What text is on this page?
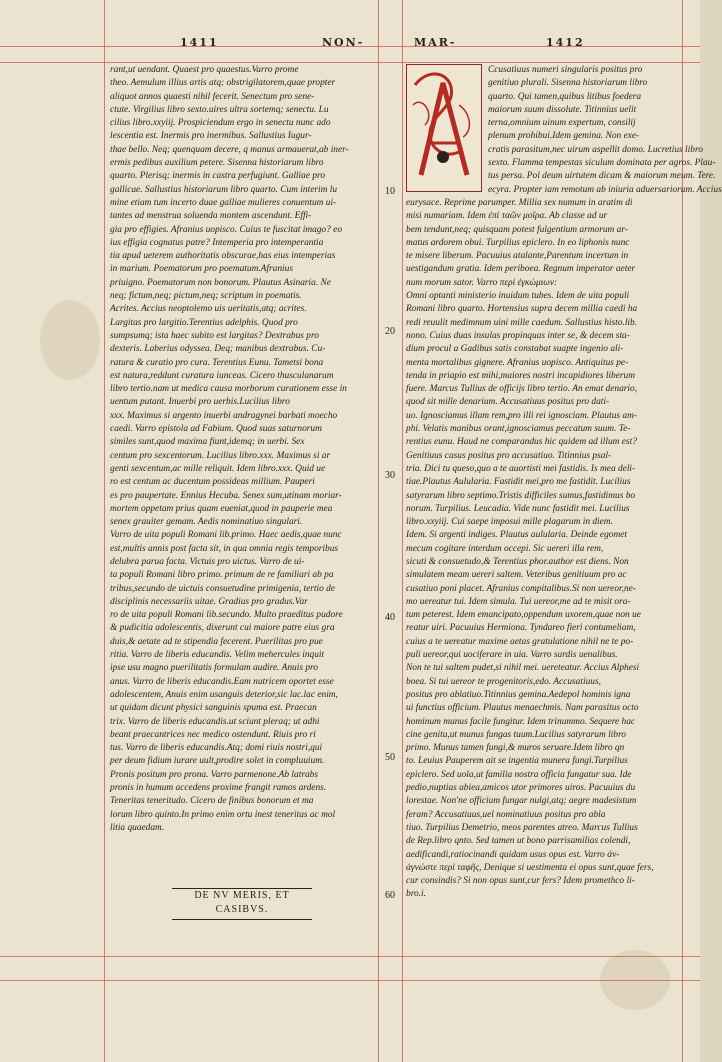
1411	NON-	MAR-	1412
10
20
30
40
50
60
rant,ut uendant. Quaest pro quaestus.Varro prome
theo. Aemulum illius artis atq; obstrigilatorem,quae propter
aliquot annos quaesti nihil fecerit. Senectum pro sene-
ctute. Virgilius libro sexto.uires ultra sortemq; senectu. Lu
cilius libro.xxyiij. Prospiciendum ergo in senectu nunc ado
lescentia est. Inermis pro inermibus. Sallustius Iugur-
thae bello. Neq; quenquam decere, q manus armauerat,ab iner-
ermis pedibus auxilium petere. Sisenna historiarum libro
quarto. Plerisq; inermis in castra perfugiunt. Galliae pro
gallicae. Sallustius historiarum libro quarto. Cum interim lu
mine etiam tum incerto duae galliae mulieres conuentum ui-
tantes ad menstrua soluenda montem ascendunt. Effi-
gia pro effigies. Afranius uopisco. Cuius te fuscitat imago? eo
ius effigia cognatus patre? Intemperia pro intemperantia
tia apud ueterem authoritatis obscurae,has eius intemperias
in marium. Poematorum pro poematum.Afranius
priuigno. Poematorum non bonorum. Plautus Asinaria. Ne
neq; fictum,neq; pictum,neq; scriptum in poematis.
Acrites. Accius neoptolemo uis ueritatis,atq; acrites.
Largitas pro largitio.Terentius adelphis. Quod pro
sumpsumq; ista haec subito est largitas? Dextrabus pro
dexteris. Laberius odyssea. Deq; manibus dextrabus. Cu-
ratura & curatio pro cura. Terentius Eunu. Tametsi bona
est natura,reddunt curatura iunceas. Cicero thusculanarum
libro tertio.nam ut medica causa morborum curationem esse in
uentum putant. Inuerbi pro uerbis.Lucilius libro
xxx. Maximus si argento inuerbi andragynei barbati moecho
caedi. Varro epistola ad Fabium. Quod suas saturnorum
similes sunt,quod maxima fiunt,idemq; in uerbi. Sex
centum pro sexcentorum. Lucilius libro.xxx. Maximus si ar
genti sexcentum,ac mille reliquit. Idem libro.xxx. Quid ue
ro est centum ac ducentum possideas millium. Pauperi
es pro paupertate. Ennius Hecuba. Senex sum,utinam moriar-
mortem oppetam prius quam eueniat,quod in pauperie mea
senex grauiter gemam. Aedis nominatiuo singulari.
Varro de uita populi Romani lib.primo. Haec aedis,quae nunc
est,multis annis post facta sit, in qua omnia regis temporibus
delubra parua facta. Victuis pro uictus. Varro de ui-
ta populi Romani libro primo. primum de re familiari ab pa
tribus,secundo de uictuis consuetudine primigenia, tertio de
disciplinis necessariis uitae. Gradius pro gradus.Var
ro de uita populi Romani lib.secundo. Multo praeditus pudore
& pudicitia adolescentis, dixerunt cui maiore patre eius gra
duis,& aetate ad te stipendia fecerent. Puerilitas pro pue
ritia. Varro de liberis educandis. Velim mehercules inquit
ipse usu magno puerilitatis formulam audire. Anuis pro
anus. Varro de liberis educandis.Eam nutricem oportet esse
adolescentem, Anuis enim usanguis deterior,sic lac.lac enim,
ut quidam dicunt physici sanguinis spuma est. Praecan
trix. Varro de liberis educandis.ut sciunt pleraq; ut adhi
beant praecantrices nec medico ostendunt. Riuis pro ri
tus. Varro de liberis educandis.Atq; domi riuis nostri,qui
per deum fidium iurare uult,prodire solet in compluuium.
Pronis positum pro prona. Varro parmenone.Ab latrabs
pronis in humum accedens proxime frangit ramos ardens.
Teneritas teneritudo. Cicero de finibus bonorum et ma
lorum libro quinto.In primo enim ortu inest teneritas ac mol
litia quaedam.
Ccusatiuus numeri singularis positus pro
genitiuo plurali. Sisenna historiarum libro
quarto. Qui tamen,quibus litibus foedera
maiorum suum dissolute. Titinnius uelit
terna,omnium uinum expertum, consilij
plenum prohibui.Idem gemina. Non exe-
cratis parasitum,nec uirum aspellit domo. Lucretius libro
sexto. Flamma tempestas siculum dominata per agros. Plau-
tus persa. Pol deum uirtutem dicam & maiorum meum. Tere.
ecyra. Propter iam remotum ab iniuria aduersariorum. Accius
eurysace. Reprime parumper. Millia sex numum in aratim di
misi numariam. Idem ἐπὶ ταῶν μοῖρα. Ab classe ad ur
bem tendunt,neq; quisquam potest fulgentium armorum ar-
matus ardorem obui. Turpilius epiclero. In eo liphonis nunc
te misere liberum. Pacuuius atalante,Parentum incertum in
uestigandum gratia. Idem periboea. Regnum imperator aeter
num morum sator. Varro περὶ ἐγκώμιων:
Omni optanti ministerio inuidum tubes. Idem de uita populi
Romani libro quarto. Hortensius supra decem millia caedi ha
redi reuulit medimnum uini mille caedum. Sallustius histo.lib.
nono. Cuius duas insulas propinquas inter se, & decem sta-
dium procul a Gadibus satis constabat suapte ingenio ali-
menta mortalibus gignere. Afranius uopisco. Antiquitus pe-
tenda in priapio est mihi,maiores nostri incapidiores liberum
fuere. Marcus Tullius de officijs libro tertio. An emat denario,
quod sit mille denarium. Accusatiuus positus pro dati-
uo. Ignosciamus illam rem,pro illi rei ignosciam. Plautus am-
phi. Velatis manibus orant,ignosciamus peccatum suum. Te-
rentius eunu. Haud ne comparandus hic quidem ad illum est?
Genitiuus casus positus pro accusatiuo. Titinnius psal-
tria. Dici tu queso,quo a te auortisti mei fastidis. Is mea deli-
tiae.Plautus Aulularia. Fastidit mei,pro me fastidit. Lucilius
satyrarum libro septimo.Tristis difficiles sumus,fastidimus bo
norum. Turpilius. Leucadia. Vide nunc fastidit mei. Lucilius
libro.xxyiij. Cui saepe imposui mille plagarum in diem.
Idem. Si argenti indiges. Plautus aulularia. Deinde egomet
mecum cogitare interdum occepi. Sic uereri illa rem,
sicuti & consuetudo,& Terentius phor.author est diens. Non
simulatem meam uereri saltem. Veteribus genitiuum pro ac
cusatiuo poni placet. Afranius compitalibus.Si non uereor,ne-
mo uereatur tui. Idem simula. Tui uereor,me ad te misit ora-
tum peterest. Idem emancipato,oppendum uxorem,quae non ue
reatur uiri. Pacuuius Hermiona. Tyndareo fieri contumeliam,
cuius a te uereatur maxime aetas gratulatione nihil ne te po-
puli uereor,qui uociferare in uia. Varro sardis uenalibus.
Non te tui saltem pudet,si nihil mei. uereteatur. Accius Alphesi
boea. Si tui uereor te progenitoris,edo. Accusatiuus,
positus pro ablatiuo.Titinnius gemina.Aedepol hominis igna
ui functius officium. Plautus menaechmis. Nam parasitus octo
hominum munus facile fungitur. Idem trinummo. Sequere hac
cine genitu,ut munus fungas tuum.Lucilius satyrarum libro
primo. Munus tamen fungi,& muros seruare.Idem libro qn
to. Leuius Pauperem ait se ingentia munera fungi.Turpilius
epiclero. Sed uola,ut familia nostra officia fungatur sua. Ide
pedio,nuptias abiea,amicos utor primores uiros. Pacuuius du
lorestae. Non'ne officium fungar nulgi,atq; aegre madesistum
feram? Accusatiuus,uel nominatiuus positus pro abla
tiuo. Turpilius Demetrio, meos parentes atreo. Marcus Tullius
de Rep.libro qnto. Sed tamen ut bono parrisamilias colendi,
aedificandi,ratiocinandi quidam usus opus est. Varro ἀν-
ἀγνώστε περὶ ταφῆς, Denique si uestimenta ei opus sunt,quae fers,
cur consindis? Si non opus sunt,cur fers? Idem promethco li-
bro.i.
DE NV MERIS, ET
CASIBVS.
